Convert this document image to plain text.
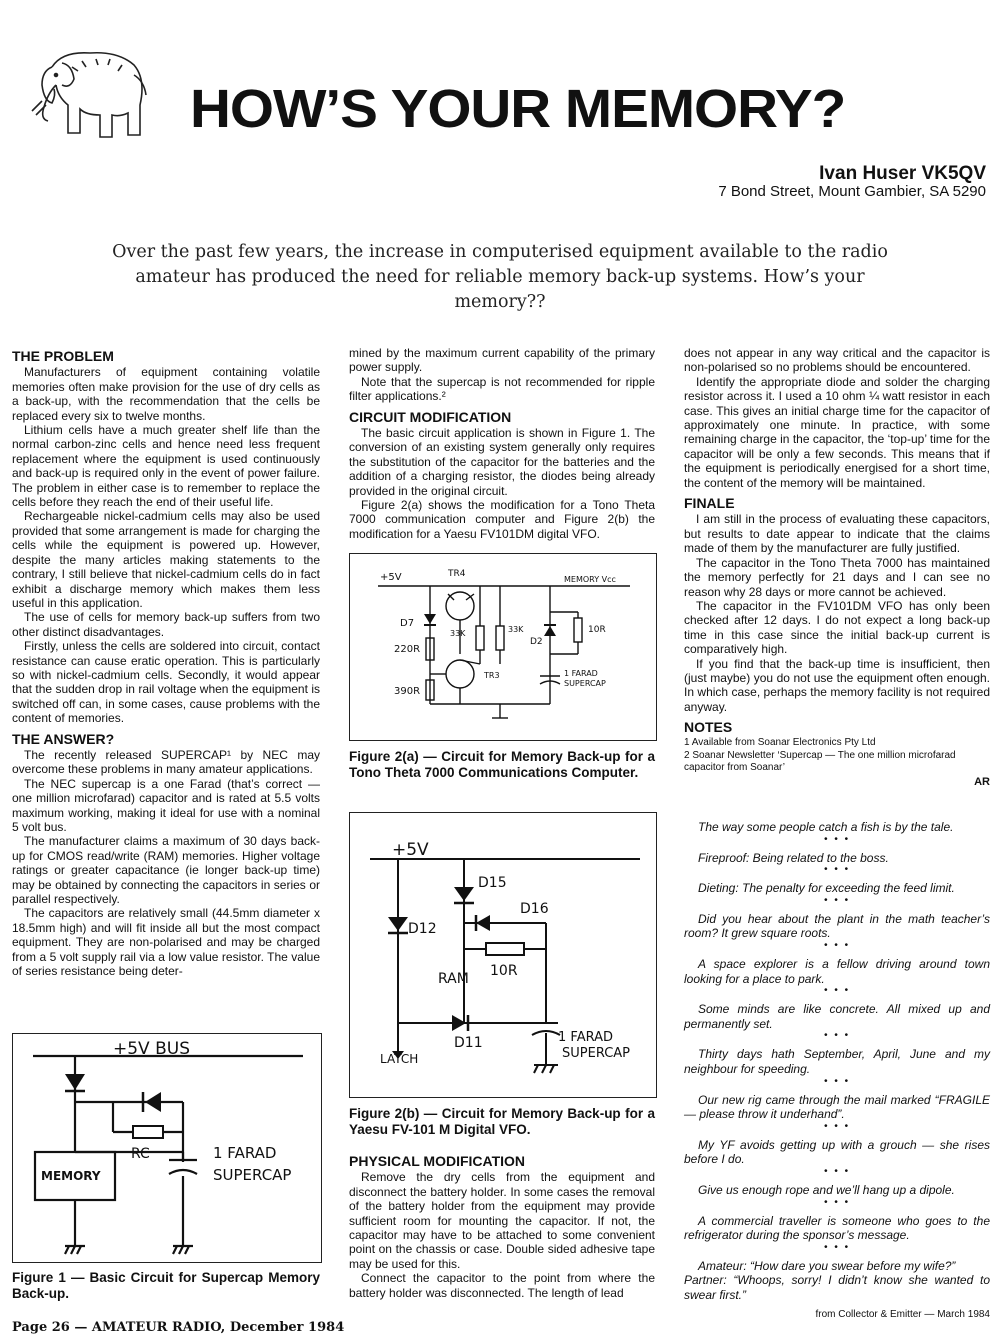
HOW’S YOUR MEMORY?
Ivan Huser VK5QV
7 Bond Street, Mount Gambier, SA 5290
Over the past few years, the increase in computerised equipment available to the radio amateur has produced the need for reliable memory back-up systems. How’s your memory??
THE PROBLEM

Manufacturers of equipment containing volatile memories often make provision for the use of dry cells as a back-up, with the recommendation that the cells be replaced every six to twelve months.

Lithium cells have a much greater shelf life than the normal carbon-zinc cells and hence need less frequent replacement where the equipment is used continuously and back-up is required only in the event of power failure. The problem in either case is to remember to replace the cells before they reach the end of their useful life.

Rechargeable nickel-cadmium cells may also be used provided that some arrangement is made for charging the cells while the equipment is powered up. However, despite the many articles making statements to the contrary, I still believe that nickel-cadmium cells do in fact exhibit a discharge memory which makes them less useful in this application.

The use of cells for memory back-up suffers from two other distinct disadvantages.

Firstly, unless the cells are soldered into circuit, contact resistance can cause eratic operation. This is particularly so with nickel-cadmium cells. Secondly, it would appear that the sudden drop in rail voltage when the equipment is switched off can, in some cases, cause problems with the content of memories.

THE ANSWER?

The recently released SUPERCAP¹ by NEC may overcome these problems in many amateur applications.

The NEC supercap is a one Farad (that’s correct — one million microfarad) capacitor and is rated at 5.5 volts maximum working, making it ideal for use with a nominal 5 volt bus.

The manufacturer claims a maximum of 30 days back-up for CMOS read/write (RAM) memories. Higher voltage ratings or greater capacitance (ie longer back-up time) may be obtained by connecting the capacitors in series or parallel respectively.

The capacitors are relatively small (44.5mm diameter x 18.5mm high) and will fit inside all but the most compact equipment. They are non-polarised and may be charged from a 5 volt supply rail via a low value resistor. The value of series resistance being deter-

+5V BUS
RC
MEMORY
1 FARAD
SUPERCAP
Figure 1 — Basic Circuit for Supercap Memory Back-up.

mined by the maximum current capability of the primary power supply.

Note that the supercap is not recommended for ripple filter applications.²

CIRCUIT MODIFICATION

The basic circuit application is shown in Figure 1. The conversion of an existing system generally only requires the substitution of the capacitor for the batteries and the addition of a charging resistor, the diodes being already provided in the original circuit.

Figure 2(a) shows the modification for a Tono Theta 7000 communication computer and Figure 2(b) the modification for a Yaesu FV101DM digital VFO.

+5V	TR4
MEMORY Vcc
D7
33K	33K
D2
10R
220R
TR3	1 FARAD
SUPERCAP
390R
Figure 2(a) — Circuit for Memory Back-up for a Tono Theta 7000 Communications Computer.
+5V
D15
D16
D12
RAM 10R
D11
LATCH
1 FARAD
SUPERCAP
Figure 2(b) — Circuit for Memory Back-up for a Yaesu FV-101 M Digital VFO.
PHYSICAL MODIFICATION

Remove the dry cells from the equipment and disconnect the battery holder. In some cases the removal of the battery holder from the equipment may provide sufficient room for mounting the capacitor. If not, the capacitor may have to be attached to some convenient point on the chassis or case. Double sided adhesive tape may be used for this.

Connect the capacitor to the point from where the battery holder was disconnected. The length of lead

does not appear in any way critical and the capacitor is non-polarised so no problems should be encountered.

Identify the appropriate diode and solder the charging resistor across it. I used a 10 ohm ¼ watt resistor in each case. This gives an initial charge time for the capacitor of approximately one minute. In practice, with some remaining charge in the capacitor, the ‘top-up’ time for the capacitor will be only a few seconds. This means that if the equipment is periodically energised for a short time, the content of the memory will be maintained.

FINALE

I am still in the process of evaluating these capacitors, but results to date appear to indicate that the claims made of them by the manufacturer are fully justified.

The capacitor in the Tono Theta 7000 has maintained the memory perfectly for 21 days and I can see no reason why 28 days or more cannot be achieved.

The capacitor in the FV101DM VFO has only been checked after 12 days. I do not expect a long back-up time in this case since the initial back-up current is comparatively high.

If you find that the back-up time is insufficient, then (just maybe) you do not use the equipment often enough. In which case, perhaps the memory facility is not required anyway.

NOTES
1 Available from Soanar Electronics Pty Ltd
2 Soanar Newsletter ‘Supercap — The one million microfarad capacitor from Soanar’
AR

The way some people catch a fish is by the tale.

• • •

Fireproof: Being related to the boss.

• • •

Dieting: The penalty for exceeding the feed limit.

• • •

Did you hear about the plant in the math teacher’s room? It grew square roots.

• • •

A space explorer is a fellow driving around town looking for a place to park.

• • •

Some minds are like concrete. All mixed up and permanently set.

• • •

Thirty days hath September, April, June and my neighbour for speeding.

• • •

Our new rig came through the mail marked “FRAGILE — please throw it underhand”.

• • •

My YF avoids getting up with a grouch — she rises before I do.

• • •

Give us enough rope and we’ll hang up a dipole.

• • •

A commercial traveller is someone who goes to the refrigerator during the sponsor’s message.

• • •

Amateur: “How dare you swear before my wife?”

Partner: “Whoops, sorry! I didn’t know she wanted to swear first.”

from Collector & Emitter — March 1984

Page 26 — AMATEUR RADIO, December 1984
